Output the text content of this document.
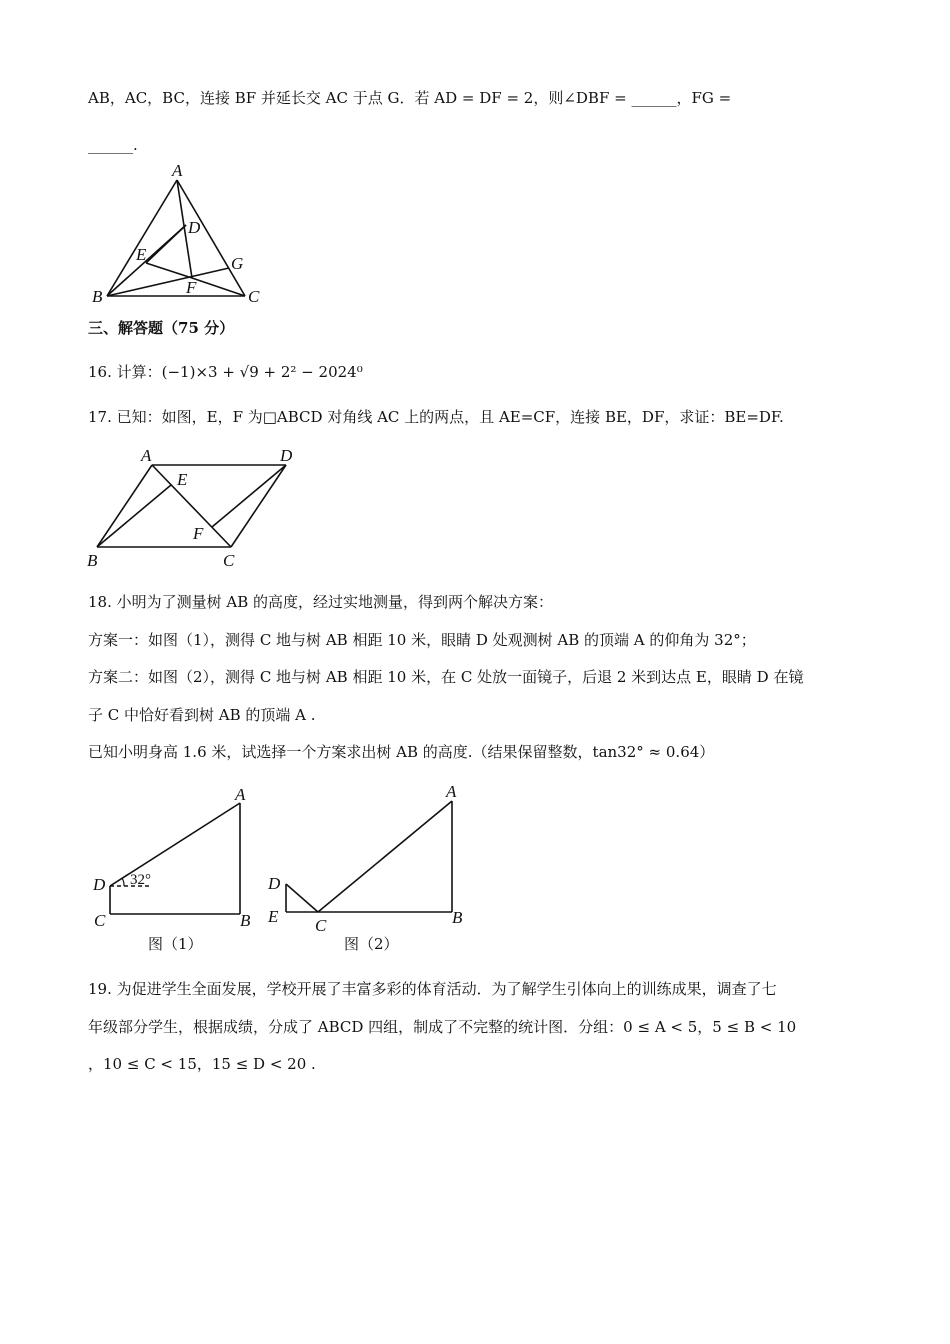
AB，AC，BC，连接 BF 并延长交 AC 于点 G．若 AD = DF = 2，则∠DBF = ______，FG =
______.
A
D
E	G
B	F	C
三、解答题（75 分）
16. 计算：(−1)×3 + √9 + 2² − 2024⁰
17. 已知：如图，E，F 为□ABCD 对角线 AC 上的两点，且 AE=CF，连接 BE，DF，求证：BE=DF.
A	D
E
F
B	C
18. 小明为了测量树 AB 的高度，经过实地测量，得到两个解决方案：
方案一：如图（1），测得 C 地与树 AB 相距 10 米，眼睛 D 处观测树 AB 的顶端 A 的仰角为 32°；
方案二：如图（2），测得 C 地与树 AB 相距 10 米，在 C 处放一面镜子，后退 2 米到达点 E，眼睛 D 在镜
子 C 中恰好看到树 AB 的顶端 A .
已知小明身高 1.6 米，试选择一个方案求出树 AB 的高度.（结果保留整数，tan32° ≈ 0.64）
A
D
C	B
32°
图（1）
A
D
E C	B
图（2）
19. 为促进学生全面发展，学校开展了丰富多彩的体育活动．为了解学生引体向上的训练成果，调查了七
年级部分学生，根据成绩，分成了 ABCD 四组，制成了不完整的统计图．分组：0 ≤ A < 5，5 ≤ B < 10
，10 ≤ C < 15，15 ≤ D < 20 .
